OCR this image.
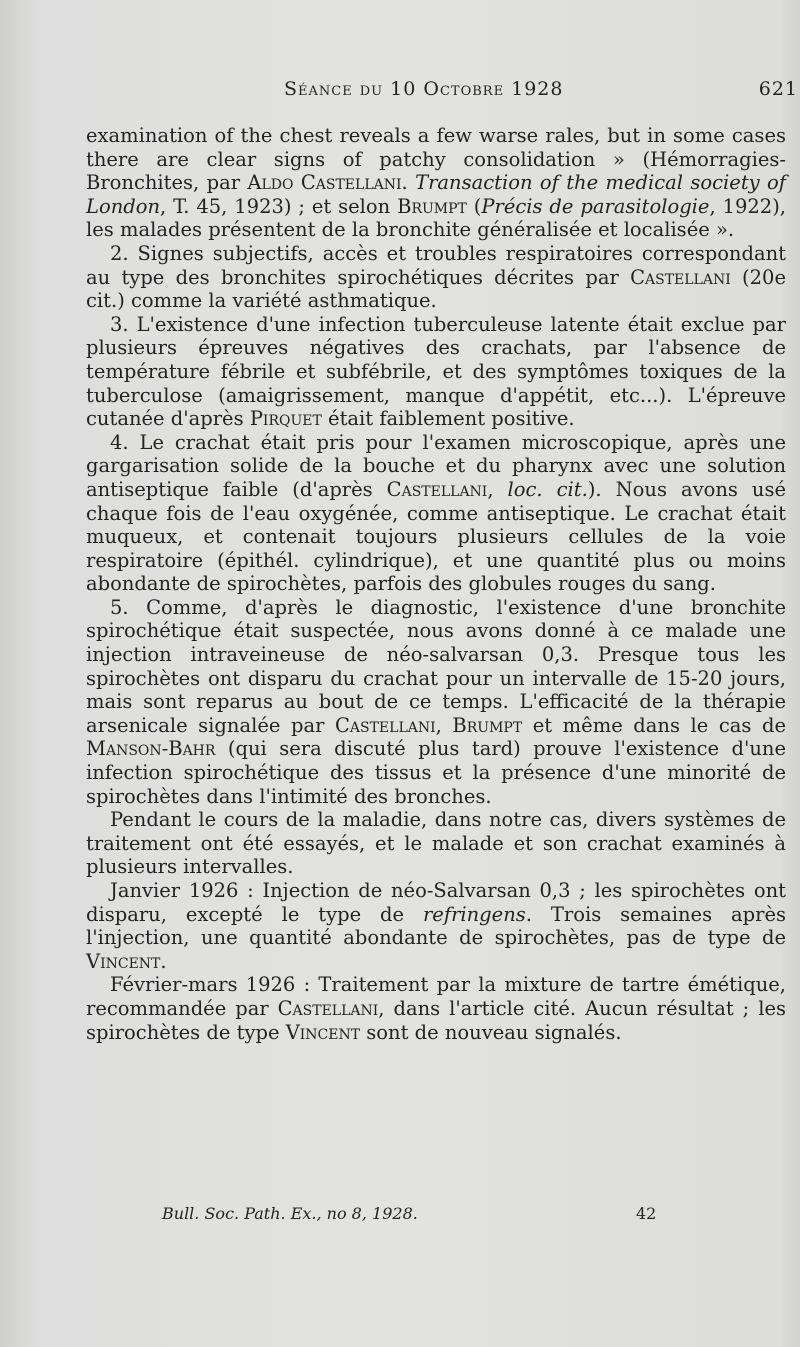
Séance du 10 Octobre 1928	621

examination of the chest reveals a few warse rales, but in some cases there are clear signs of patchy consolidation » (Hémorragies-Bronchites, par Aldo Castellani. Transaction of the medical society of London, T. 45, 1923) ; et selon Brumpt (Précis de parasitologie, 1922), les malades présentent de la bronchite généralisée et localisée ».

2. Signes subjectifs, accès et troubles respiratoires correspondant au type des bronchites spirochétiques décrites par Castellani (20e cit.) comme la variété asthmatique.

3. L'existence d'une infection tuberculeuse latente était exclue par plusieurs épreuves négatives des crachats, par l'absence de température fébrile et subfébrile, et des symptômes toxiques de la tuberculose (amaigrissement, manque d'appétit, etc...). L'épreuve cutanée d'après Pirquet était faiblement positive.

4. Le crachat était pris pour l'examen microscopique, après une gargarisation solide de la bouche et du pharynx avec une solution antiseptique faible (d'après Castellani, loc. cit.). Nous avons usé chaque fois de l'eau oxygénée, comme antiseptique. Le crachat était muqueux, et contenait toujours plusieurs cellules de la voie respiratoire (épithél. cylindrique), et une quantité plus ou moins abondante de spirochètes, parfois des globules rouges du sang.

5. Comme, d'après le diagnostic, l'existence d'une bronchite spirochétique était suspectée, nous avons donné à ce malade une injection intraveineuse de néo-salvarsan 0,3. Presque tous les spirochètes ont disparu du crachat pour un intervalle de 15-20 jours, mais sont reparus au bout de ce temps. L'efficacité de la thérapie arsenicale signalée par Castellani, Brumpt et même dans le cas de Manson-Bahr (qui sera discuté plus tard) prouve l'existence d'une infection spirochétique des tissus et la présence d'une minorité de spirochètes dans l'intimité des bronches.

Pendant le cours de la maladie, dans notre cas, divers systèmes de traitement ont été essayés, et le malade et son crachat examinés à plusieurs intervalles.

Janvier 1926 : Injection de néo-Salvarsan 0,3 ; les spirochètes ont disparu, excepté le type de refringens. Trois semaines après l'injection, une quantité abondante de spirochètes, pas de type de Vincent.

Février-mars 1926 : Traitement par la mixture de tartre émétique, recommandée par Castellani, dans l'article cité. Aucun résultat ; les spirochètes de type Vincent sont de nouveau signalés.

Bull. Soc. Path. Ex., no 8, 1928.	42
